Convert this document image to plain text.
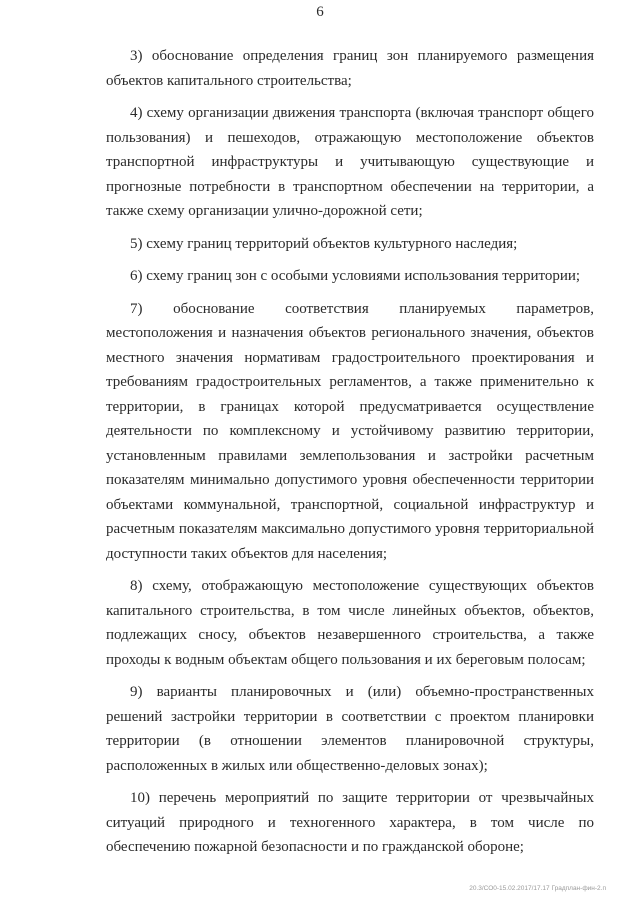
6

3) обоснование определения границ зон планируемого размещения объектов капитального строительства;

4) схему организации движения транспорта (включая транспорт общего пользования) и пешеходов, отражающую местоположение объектов транспортной инфраструктуры и учитывающую существующие и прогнозные потребности в транспортном обеспечении на территории, а также схему организации улично-дорожной сети;

5) схему границ территорий объектов культурного наследия;

6) схему границ зон с особыми условиями использования территории;

7) обоснование соответствия планируемых параметров, местоположения и назначения объектов регионального значения, объектов местного значения нормативам градостроительного проектирования и требованиям градостроительных регламентов, а также применительно к территории, в границах которой предусматривается осуществление деятельности по комплексному и устойчивому развитию территории, установленным правилами землепользования и застройки расчетным показателям минимально допустимого уровня обеспеченности территории объектами коммунальной, транспортной, социальной инфраструктур и расчетным показателям максимально допустимого уровня территориальной доступности таких объектов для населения;

8) схему, отображающую местоположение существующих объектов капитального строительства, в том числе линейных объектов, объектов, подлежащих сносу, объектов незавершенного строительства, а также проходы к водным объектам общего пользования и их береговым полосам;

9) варианты планировочных и (или) объемно-пространственных решений застройки территории в соответствии с проектом планировки территории (в отношении элементов планировочной структуры, расположенных в жилых или общественно-деловых зонах);

10) перечень мероприятий по защите территории от чрезвычайных ситуаций природного и техногенного характера, в том числе по обеспечению пожарной безопасности и по гражданской обороне;

20.3/СО0-15.02.2017/17.17 Градплан-фин-2.п
